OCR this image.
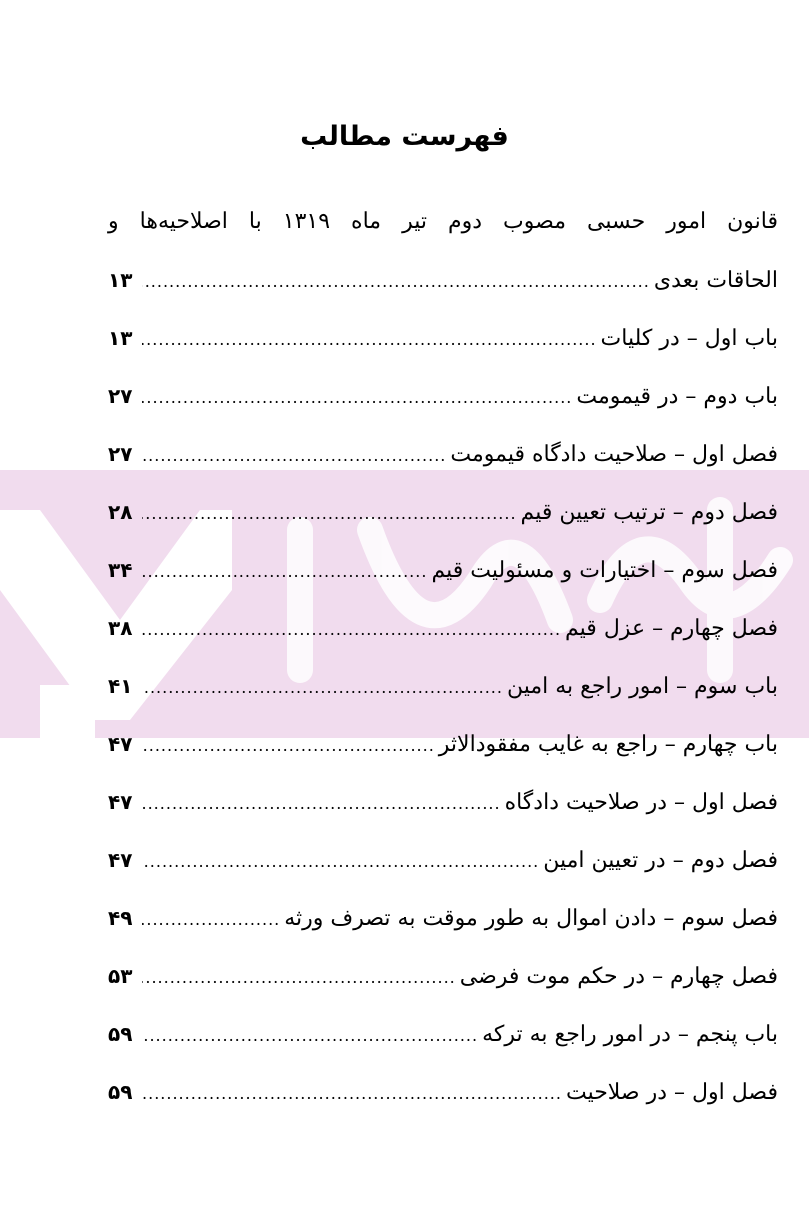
فهرست مطالب
قانون امور حسبی مصوب دوم تیر ماه ۱۳۱۹ با اصلاحیه‌ها و
الحاقات بعدی
.....
۱۳
باب اول – در کلیات
.....
۱۳
باب دوم – در قیمومت
.....
۲۷
فصل اول – صلاحیت دادگاه قیمومت
.....
۲۷
فصل دوم – ترتیب تعیین قیم
.....
۲۸
فصل سوم – اختیارات و مسئولیت قیم
.....
۳۴
فصل چهارم – عزل قیم
.....
۳۸
باب سوم – امور راجع به امین
.....
۴۱
باب چهارم – راجع به غایب مفقودالاثر
.....
۴۷
فصل اول – در صلاحیت دادگاه
.....
۴۷
فصل دوم – در تعیین امین
.....
۴۷
فصل سوم – دادن اموال به طور موقت به تصرف ورثه
.....
۴۹
فصل چهارم – در حکم موت فرضی
.....
۵۳
باب پنجم – در امور راجع به ترکه
.....
۵۹
فصل اول – در صلاحیت
.....
۵۹
